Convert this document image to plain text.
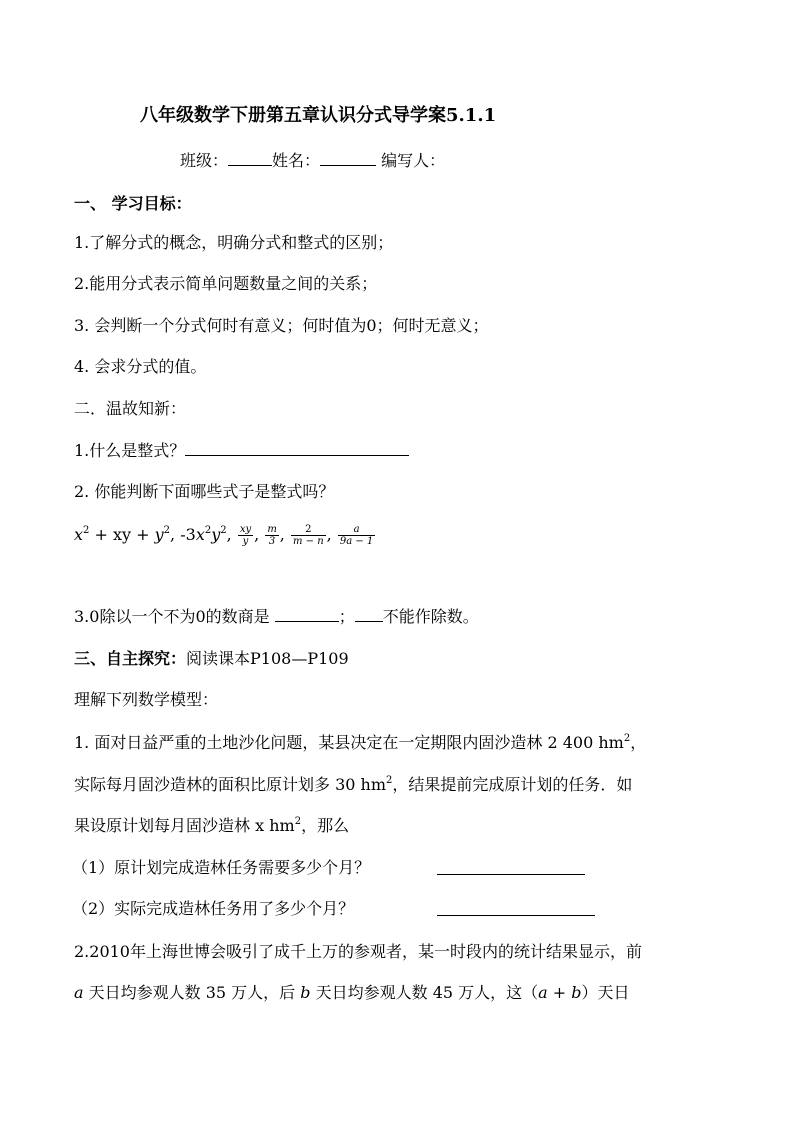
八年级数学下册第五章认识分式导学案5.1.1
班级：	姓名：	编写人：
一、 学习目标：
1.了解分式的概念，明确分式和整式的区别；
2.能用分式表示简单问题数量之间的关系；
3. 会判断一个分式何时有意义；何时值为0；何时无意义；
4. 会求分式的值。
二．温故知新：
1.什么是整式？
2. 你能判断下面哪些式子是整式吗？
$x^2$ + xy + $y^2$, $-3x^2y^2$, $\frac{xy}{y}$ , $\frac{m}{3}$ , $\frac{2}{m - n}$ , $\frac{a}{9a - 1}$
3.0除以一个不为0的数商是	； 不能作除数。
三、自主探究：阅读课本P108—P109
理解下列数学模型：
1. 面对日益严重的土地沙化问题，某县决定在一定期限内固沙造林 2 400 $hm^2$，
实际每月固沙造林的面积比原计划多 30 $hm^2$，结果提前完成原计划的任务．如
果设原计划每月固沙造林 x $hm^2$，那么
（1）原计划完成造林任务需要多少个月？
（2）实际完成造林任务用了多少个月？
2.2010年上海世博会吸引了成千上万的参观者，某一时段内的统计结果显示，前
a 天日均参观人数 35 万人，后 b 天日均参观人数 45 万人，这（a + b）天日
